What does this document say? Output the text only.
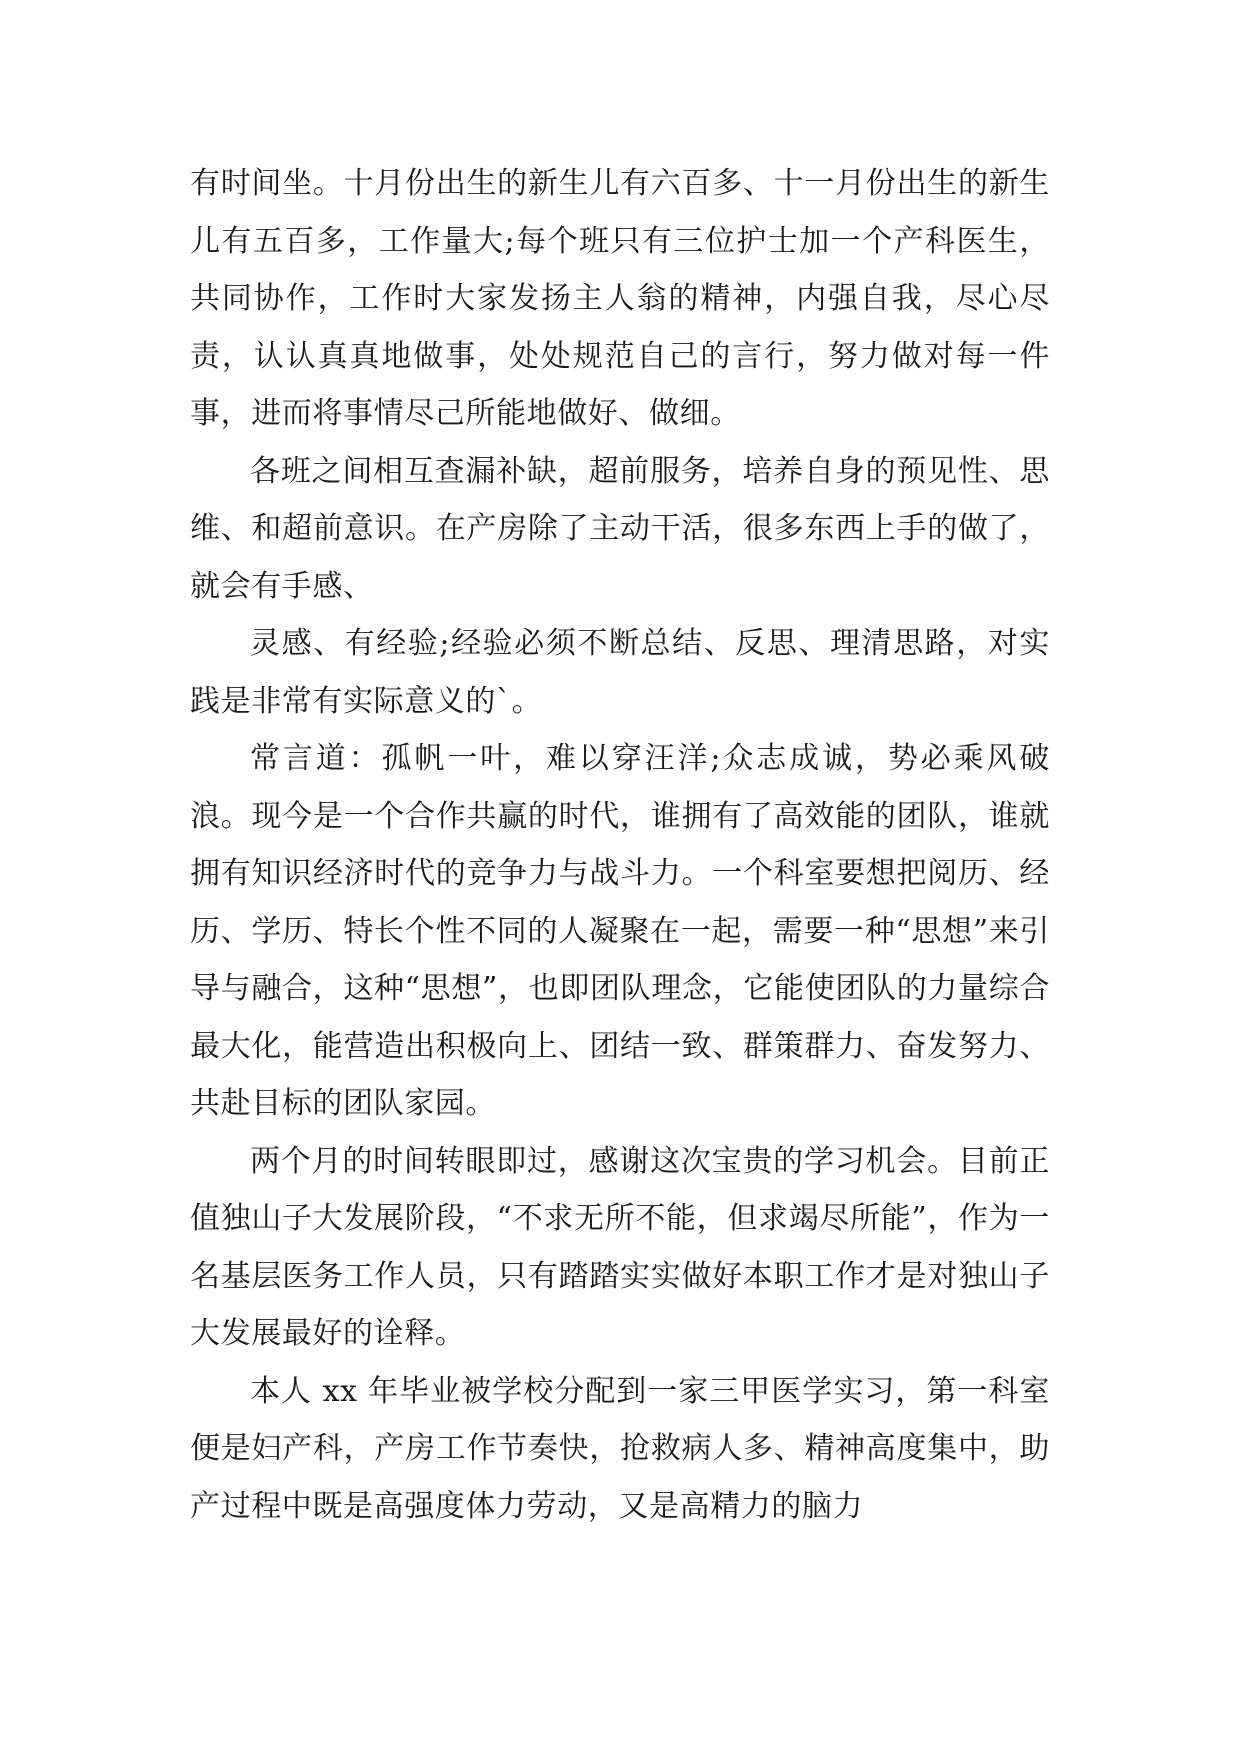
有时间坐。十月份出生的新生儿有六百多、十一月份出生的新生儿有五百多，工作量大;每个班只有三位护士加一个产科医生，共同协作，工作时大家发扬主人翁的精神，内强自我，尽心尽责，认认真真地做事，处处规范自己的言行，努力做对每一件事，进而将事情尽己所能地做好、做细。

各班之间相互查漏补缺，超前服务，培养自身的预见性、思维、和超前意识。在产房除了主动干活，很多东西上手的做了，就会有手感、

灵感、有经验;经验必须不断总结、反思、理清思路，对实践是非常有实际意义的`。

常言道：孤帆一叶，难以穿汪洋;众志成诚，势必乘风破浪。现今是一个合作共赢的时代，谁拥有了高效能的团队，谁就拥有知识经济时代的竞争力与战斗力。一个科室要想把阅历、经历、学历、特长个性不同的人凝聚在一起，需要一种“思想”来引导与融合，这种“思想”，也即团队理念，它能使团队的力量综合最大化，能营造出积极向上、团结一致、群策群力、奋发努力、共赴目标的团队家园。

两个月的时间转眼即过，感谢这次宝贵的学习机会。目前正值独山子大发展阶段，“不求无所不能，但求竭尽所能”，作为一名基层医务工作人员，只有踏踏实实做好本职工作才是对独山子大发展最好的诠释。

本人 xx 年毕业被学校分配到一家三甲医学实习，第一科室便是妇产科，产房工作节奏快，抢救病人多、精神高度集中，助产过程中既是高强度体力劳动，又是高精力的脑力
